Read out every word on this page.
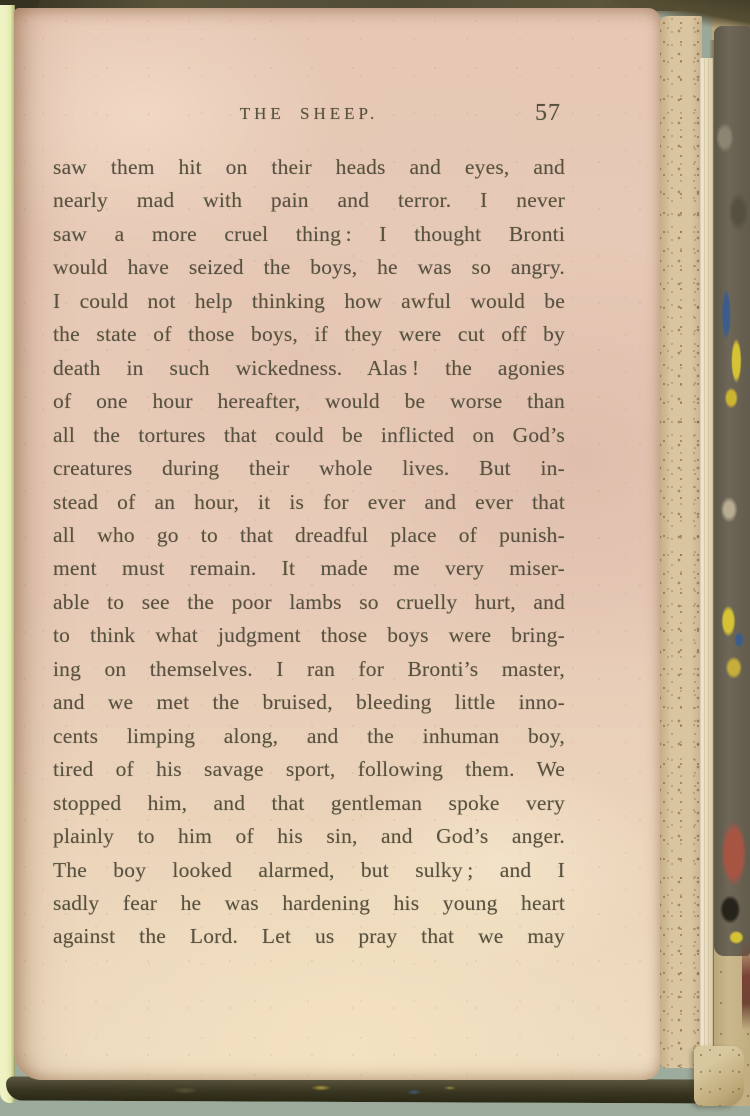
THE SHEEP.	57
saw them hit on their heads and eyes, and
nearly mad with pain and terror. I never
saw a more cruel thing : I thought Bronti
would have seized the boys, he was so angry.
I could not help thinking how awful would be
the state of those boys, if they were cut off by
death in such wickedness. Alas ! the agonies
of one hour hereafter, would be worse than
all the tortures that could be inflicted on God’s
creatures during their whole lives. But in-
stead of an hour, it is for ever and ever that
all who go to that dreadful place of punish-
ment must remain. It made me very miser-
able to see the poor lambs so cruelly hurt, and
to think what judgment those boys were bring-
ing on themselves. I ran for Bronti’s master,
and we met the bruised, bleeding little inno-
cents limping along, and the inhuman boy,
tired of his savage sport, following them. We
stopped him, and that gentleman spoke very
plainly to him of his sin, and God’s anger.
The boy looked alarmed, but sulky ; and I
sadly fear he was hardening his young heart
against the Lord. Let us pray that we may
